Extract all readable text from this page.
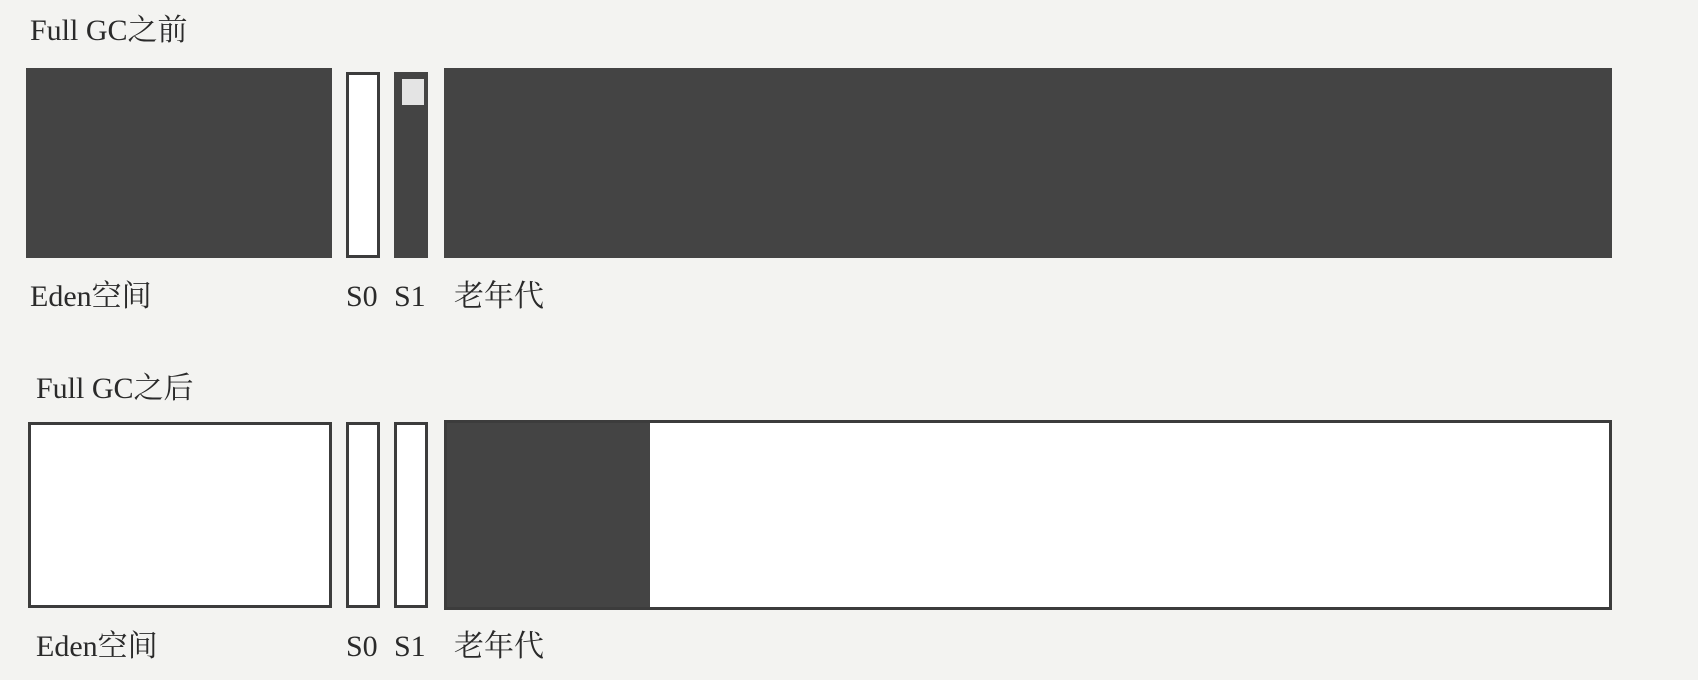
Full GC之前
Eden空间	S0 S1 老年代
Full GC之后
Eden空间	S0 S1 老年代
